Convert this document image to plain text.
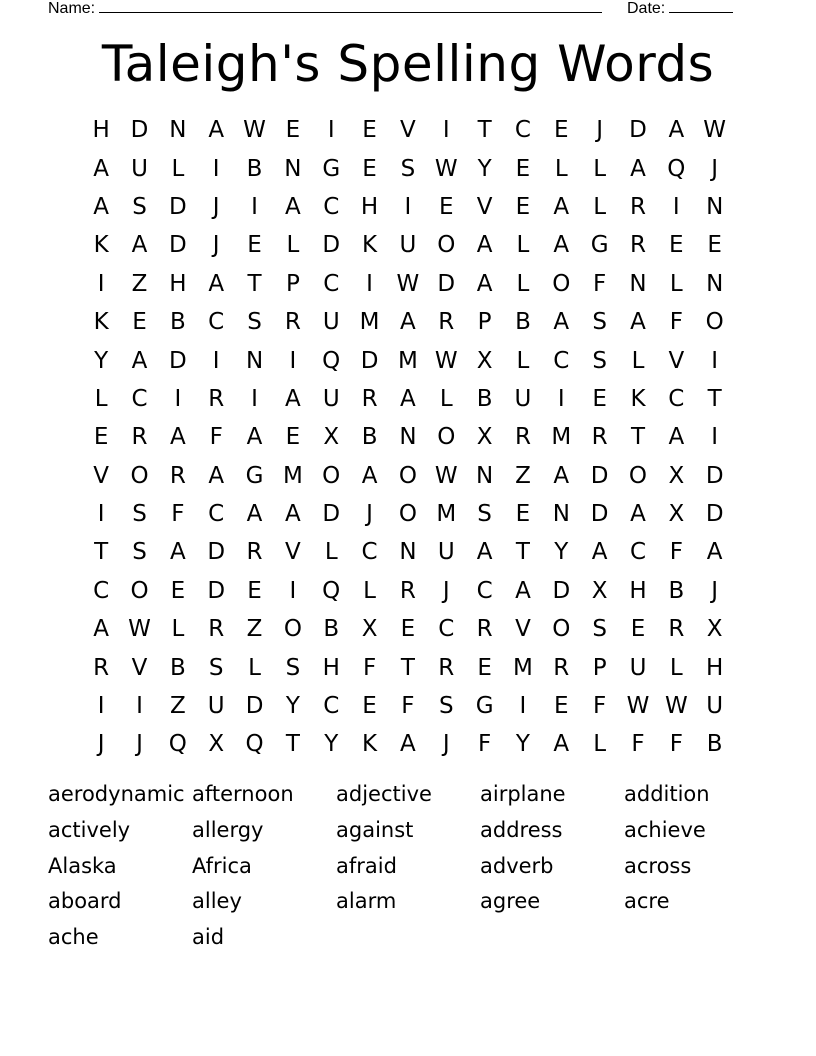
Name:	Date:
Taleigh's Spelling Words
H D N A W E	I	E	V	I	T	C	E	J	D A W
A U	L	I	B N G E	S W Y	E	L	L	A Q	J
A	S D	J	I	A C H	I	E	V	E	A	L	R	I	N
K A D	J	E	L	D K U O A	L	A G R	E	E
I	Z H A	T	P	C	I	W D A	L O F	N	L	N
K	E	B C	S	R U M A R	P	B A	S	A	F O
Y	A D	I	N	I	Q D M W X	L	C	S	L	V	I
L	C	I	R	I	A U R A	L	B U	I	E	K C	T
E	R A	F	A	E	X B N O X R M R	T	A	I
V O R A G M O A O W N Z A D O X D
I	S	F	C A A D	J	O M S	E N D A X D
T	S	A D R V	L	C N U A	T	Y	A C	F	A
C O E D E	I	Q L	R	J	C A D X H B	J
A W L	R Z O B X	E	C R V O S	E	R X
R V B	S	L	S H	F	T	R	E M R	P U	L	H
I	I	Z U D Y	C	E	F	S G	I	E	F W W U
J	J	Q X Q T	Y	K A	J	F	Y	A	L	F	F	B
aerodynamic afternoon	adjective	airplane	addition
actively	allergy	against	address	achieve
Alaska	Africa	afraid	adverb	across
aboard	alley	alarm	agree	acre
ache	aid
